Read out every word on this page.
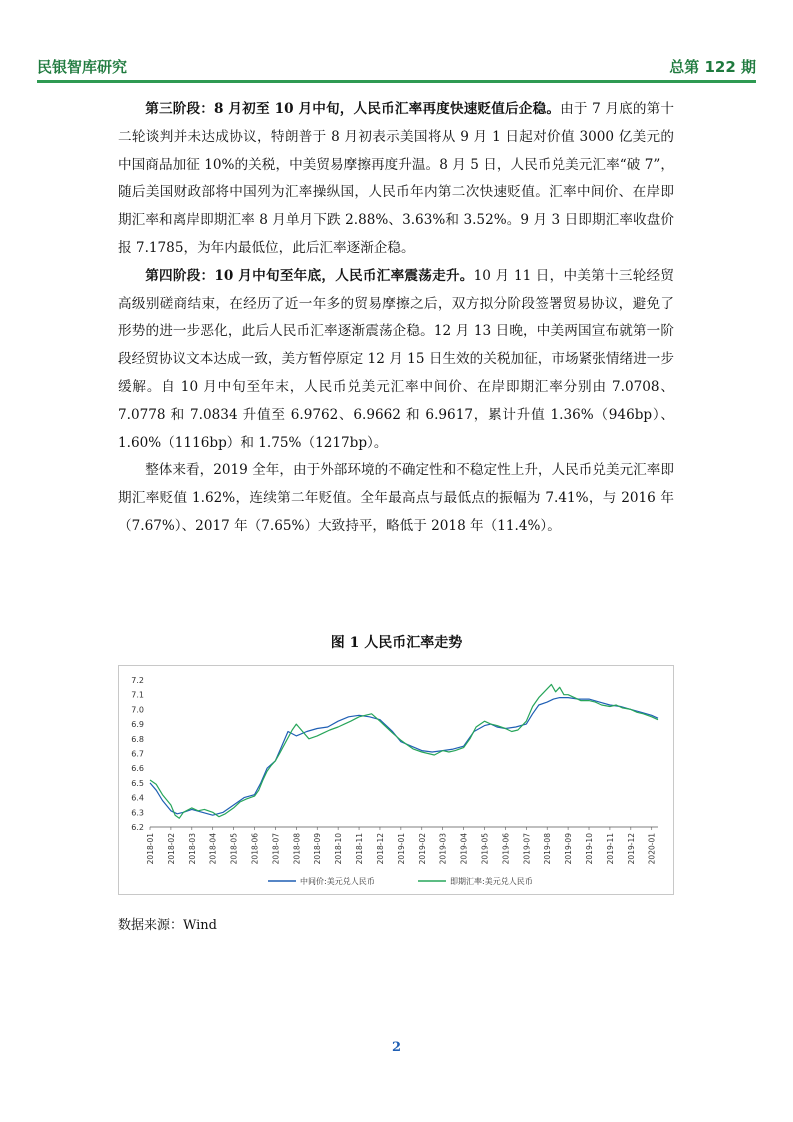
民银智库研究	总第 122 期

第三阶段：8 月初至 10 月中旬，人民币汇率再度快速贬值后企稳。由于 7 月底的第十二轮谈判并未达成协议，特朗普于 8 月初表示美国将从 9 月 1 日起对价值 3000 亿美元的中国商品加征 10%的关税，中美贸易摩擦再度升温。8 月 5 日，人民币兑美元汇率“破 7”，随后美国财政部将中国列为汇率操纵国，人民币年内第二次快速贬值。汇率中间价、在岸即期汇率和离岸即期汇率 8 月单月下跌 2.88%、3.63%和 3.52%。9 月 3 日即期汇率收盘价报 7.1785，为年内最低位，此后汇率逐渐企稳。

第四阶段：10 月中旬至年底，人民币汇率震荡走升。10 月 11 日，中美第十三轮经贸高级别磋商结束，在经历了近一年多的贸易摩擦之后，双方拟分阶段签署贸易协议，避免了形势的进一步恶化，此后人民币汇率逐渐震荡企稳。12 月 13 日晚，中美两国宣布就第一阶段经贸协议文本达成一致，美方暂停原定 12 月 15 日生效的关税加征，市场紧张情绪进一步缓解。自 10 月中旬至年末，人民币兑美元汇率中间价、在岸即期汇率分别由 7.0708、7.0778 和 7.0834 升值至 6.9762、6.9662 和 6.9617，累计升值 1.36%（946bp）、1.60%（1116bp）和 1.75%（1217bp）。

整体来看，2019 全年，由于外部环境的不确定性和不稳定性上升，人民币兑美元汇率即期汇率贬值 1.62%，连续第二年贬值。全年最高点与最低点的振幅为 7.41%，与 2016 年（7.67%）、2017 年（7.65%）大致持平，略低于 2018 年（11.4%）。

图 1 人民币汇率走势
7.2
7.1
7.0
6.9
6.8
6.7
6.6
6.5
6.4
6.3
6.2
2018-01 2018-02 2018-03 2018-04 2018-05 2018-06 2018-07 2018-08 2018-09 2018-10 2018-11 2018-12 2019-01 2019-02 2019-03 2019-04 2019-05 2019-06 2019-07 2019-08 2019-09 2019-10 2019-11 2019-12 2020-01
中间价:美元兑人民币	即期汇率:美元兑人民币
数据来源：Wind
2
